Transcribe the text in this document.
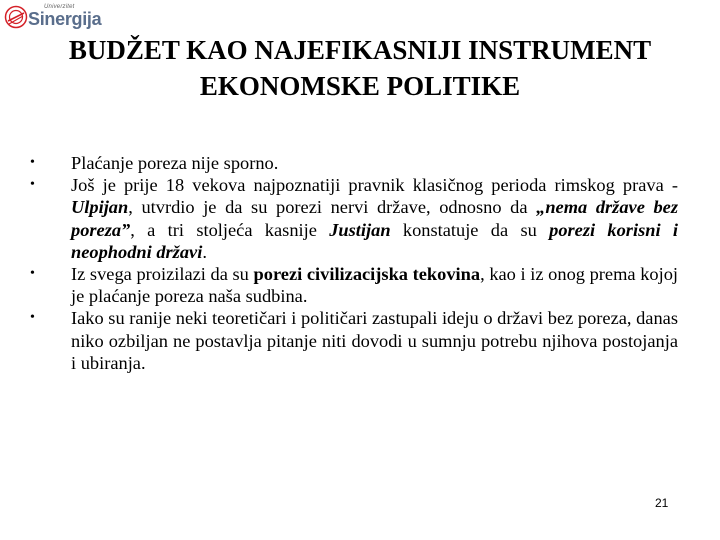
Univerzitet
Sinergija
BUDŽET KAO NAJEFIKASNIJI INSTRUMENT
EKONOMSKE POLITIKE
• Plaćanje poreza nije sporno.
• Još je prije 18 vekova najpoznatiji pravnik klasičnog perioda rimskog prava - Ulpijan, utvrdio je da su porezi nervi države, odnosno da „nema države bez poreza”, a tri stoljeća kasnije Justijan konstatuje da su porezi korisni i neophodni državi.
• Iz svega proizilazi da su porezi civilizacijska tekovina, kao i iz onog prema kojoj je plaćanje poreza naša sudbina.
• Iako su ranije neki teoretičari i političari zastupali ideju o državi bez poreza, danas niko ozbiljan ne postavlja pitanje niti dovodi u sumnju potrebu njihova postojanja i ubiranja.
21
